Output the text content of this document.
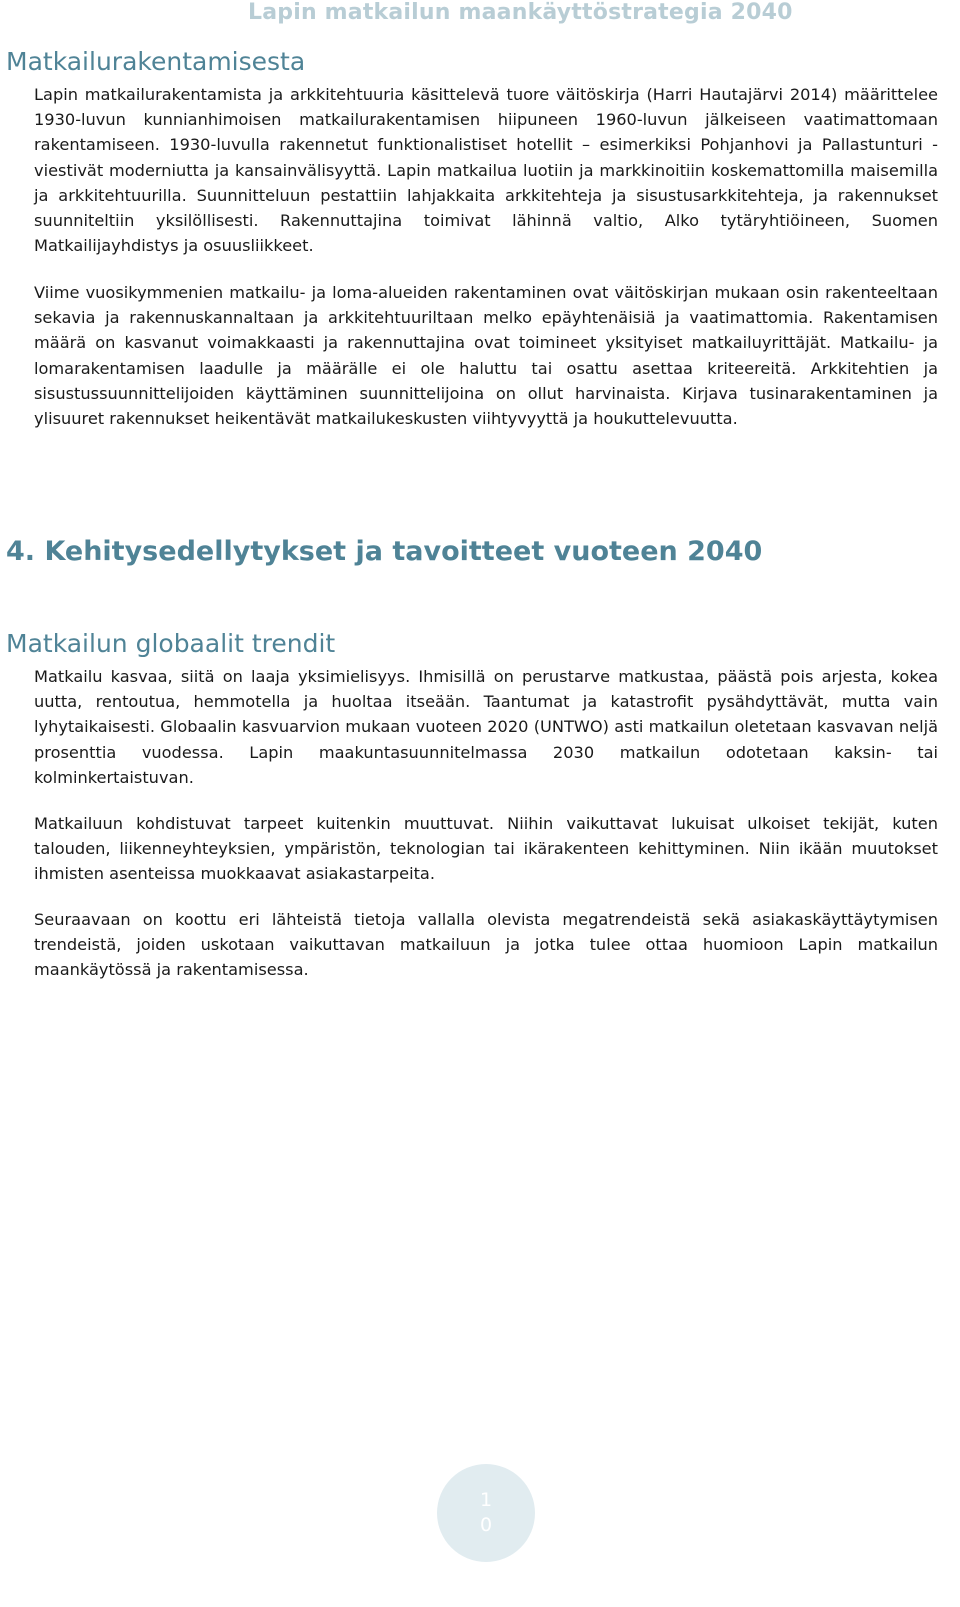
Lapin matkailun maankäyttöstrategia 2040
Matkailurakentamisesta

Lapin matkailurakentamista ja arkkitehtuuria käsittelevä tuore väitöskirja (Harri Hautajärvi 2014) määrittelee 1930-luvun kunnianhimoisen matkailurakentamisen hiipuneen 1960-luvun jälkeiseen vaatimattomaan rakentamiseen. 1930-luvulla rakennetut funktionalistiset hotellit – esimerkiksi Pohjanhovi ja Pallastunturi - viestivät moderniutta ja kansainvälisyyttä. Lapin matkailua luotiin ja markkinoitiin koskemattomilla maisemilla ja arkkitehtuurilla. Suunnitteluun pestattiin lahjakkaita arkkitehteja ja sisustusarkkitehteja, ja rakennukset suunniteltiin yksilöllisesti. Rakennuttajina toimivat lähinnä valtio, Alko tytäryhtiöineen, Suomen Matkailijayhdistys ja osuusliikkeet.

Viime vuosikymmenien matkailu- ja loma-alueiden rakentaminen ovat väitöskirjan mukaan osin rakenteeltaan sekavia ja rakennuskannaltaan ja arkkitehtuuriltaan melko epäyhtenäisiä ja vaatimattomia. Rakentamisen määrä on kasvanut voimakkaasti ja rakennuttajina ovat toimineet yksityiset matkailuyrittäjät. Matkailu- ja lomarakentamisen laadulle ja määrälle ei ole haluttu tai osattu asettaa kriteereitä. Arkkitehtien ja sisustussuunnittelijoiden käyttäminen suunnittelijoina on ollut harvinaista. Kirjava tusinarakentaminen ja ylisuuret rakennukset heikentävät matkailukeskusten viihtyvyyttä ja houkuttelevuutta.

4. Kehitysedellytykset ja tavoitteet vuoteen 2040
Matkailun globaalit trendit

Matkailu kasvaa, siitä on laaja yksimielisyys. Ihmisillä on perustarve matkustaa, päästä pois arjesta, kokea uutta, rentoutua, hemmotella ja huoltaa itseään. Taantumat ja katastrofit pysähdyttävät, mutta vain lyhytaikaisesti. Globaalin kasvuarvion mukaan vuoteen 2020 (UNTWO) asti matkailun oletetaan kasvavan neljä prosenttia vuodessa. Lapin maakuntasuunnitelmassa 2030 matkailun odotetaan kaksin- tai kolminkertaistuvan.

Matkailuun kohdistuvat tarpeet kuitenkin muuttuvat. Niihin vaikuttavat lukuisat ulkoiset tekijät, kuten talouden, liikenneyhteyksien, ympäristön, teknologian tai ikärakenteen kehittyminen. Niin ikään muutokset ihmisten asenteissa muokkaavat asiakastarpeita.

Seuraavaan on koottu eri lähteistä tietoja vallalla olevista megatrendeistä sekä asiakaskäyttäytymisen trendeistä, joiden uskotaan vaikuttavan matkailuun ja jotka tulee ottaa huomioon Lapin matkailun maankäytössä ja rakentamisessa.

1
0
